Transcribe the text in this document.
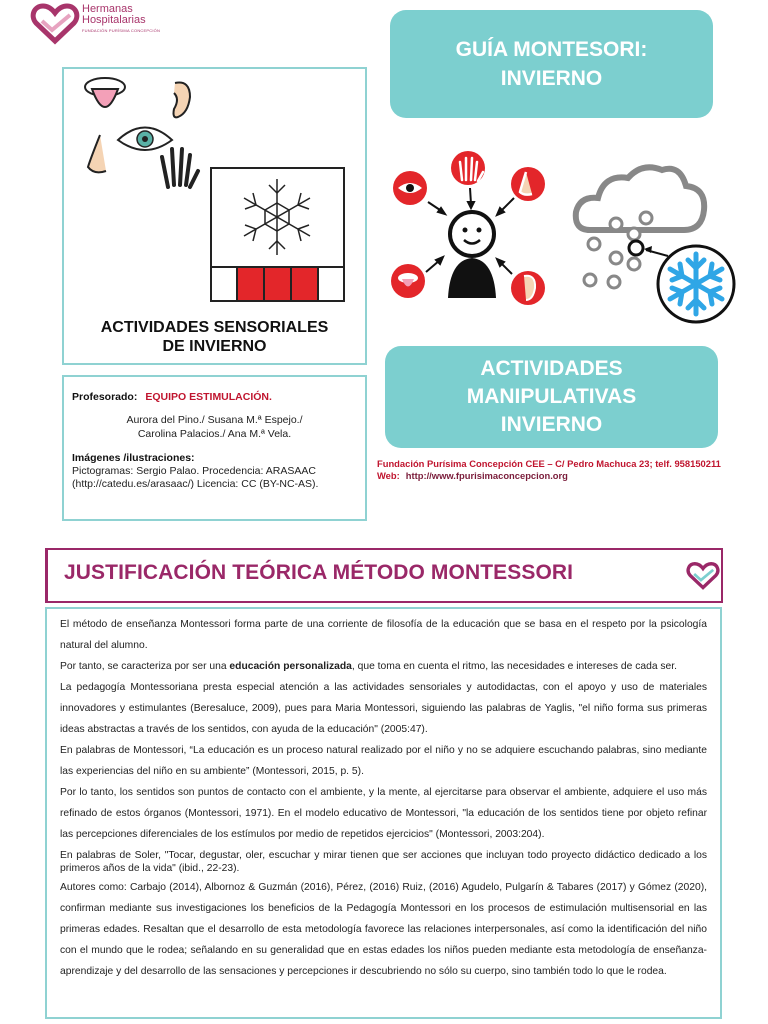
Hermanas
Hospitalarias
FUNDACIÓN PURÍSIMA CONCEPCIÓN
GUÍA MONTESORI:
INVIERNO
ACTIVIDADES SENSORIALES
DE INVIERNO
Profesorado: EQUIPO ESTIMULACIÓN.
Aurora del Pino./ Susana M.ª Espejo./
Carolina Palacios./ Ana M.ª Vela.
Imágenes /ilustraciones:
Pictogramas: Sergio Palao. Procedencia: ARASAAC
(http://catedu.es/arasaac/) Licencia: CC (BY-NC-AS).
ACTIVIDADES
MANIPULATIVAS
INVIERNO
Fundación Purísima Concepción CEE – C/ Pedro Machuca 23; telf. 958150211
Web: http://www.fpurisimaconcepcion.org
JUSTIFICACIÓN TEÓRICA MÉTODO MONTESSORI

El método de enseñanza Montessori forma parte de una corriente de filosofía de la educación que se basa en el respeto por la psicología natural del alumno.

Por tanto, se caracteriza por ser una educación personalizada, que toma en cuenta el ritmo, las necesidades e intereses de cada ser.

La pedagogía Montessoriana presta especial atención a las actividades sensoriales y autodidactas, con el apoyo y uso de materiales innovadores y estimulantes (Beresaluce, 2009), pues para Maria Montessori, siguiendo las palabras de Yaglis, "el niño forma sus primeras ideas abstractas a través de los sentidos, con ayuda de la educación" (2005:47).

En palabras de Montessori, “La educación es un proceso natural realizado por el niño y no se adquiere escuchando palabras, sino mediante las experiencias del niño en su ambiente” (Montessori, 2015, p. 5).

Por lo tanto, los sentidos son puntos de contacto con el ambiente, y la mente, al ejercitarse para observar el ambiente, adquiere el uso más refinado de estos órganos (Montessori, 1971). En el modelo educativo de Montessori, "la educación de los sentidos tiene por objeto refinar las percepciones diferenciales de los estímulos por medio de repetidos ejercicios" (Montessori, 2003:204).

En palabras de Soler, "Tocar, degustar, oler, escuchar y mirar tienen que ser acciones que incluyan todo proyecto didáctico dedicado a los primeros años de la vida" (ibid., 22-23).

Autores como: Carbajo (2014), Albornoz & Guzmán (2016), Pérez, (2016) Ruiz, (2016) Agudelo, Pulgarín & Tabares (2017) y Gómez (2020), confirman mediante sus investigaciones los beneficios de la Pedagogía Montessori en los procesos de estimulación multisensorial en las primeras edades. Resaltan que el desarrollo de esta metodología favorece las relaciones interpersonales, así como la identificación del niño con el mundo que le rodea; señalando en su generalidad que en estas edades los niños pueden mediante esta metodología de enseñanza-aprendizaje y del desarrollo de las sensaciones y percepciones ir descubriendo no sólo su cuerpo, sino también todo lo que le rodea.
